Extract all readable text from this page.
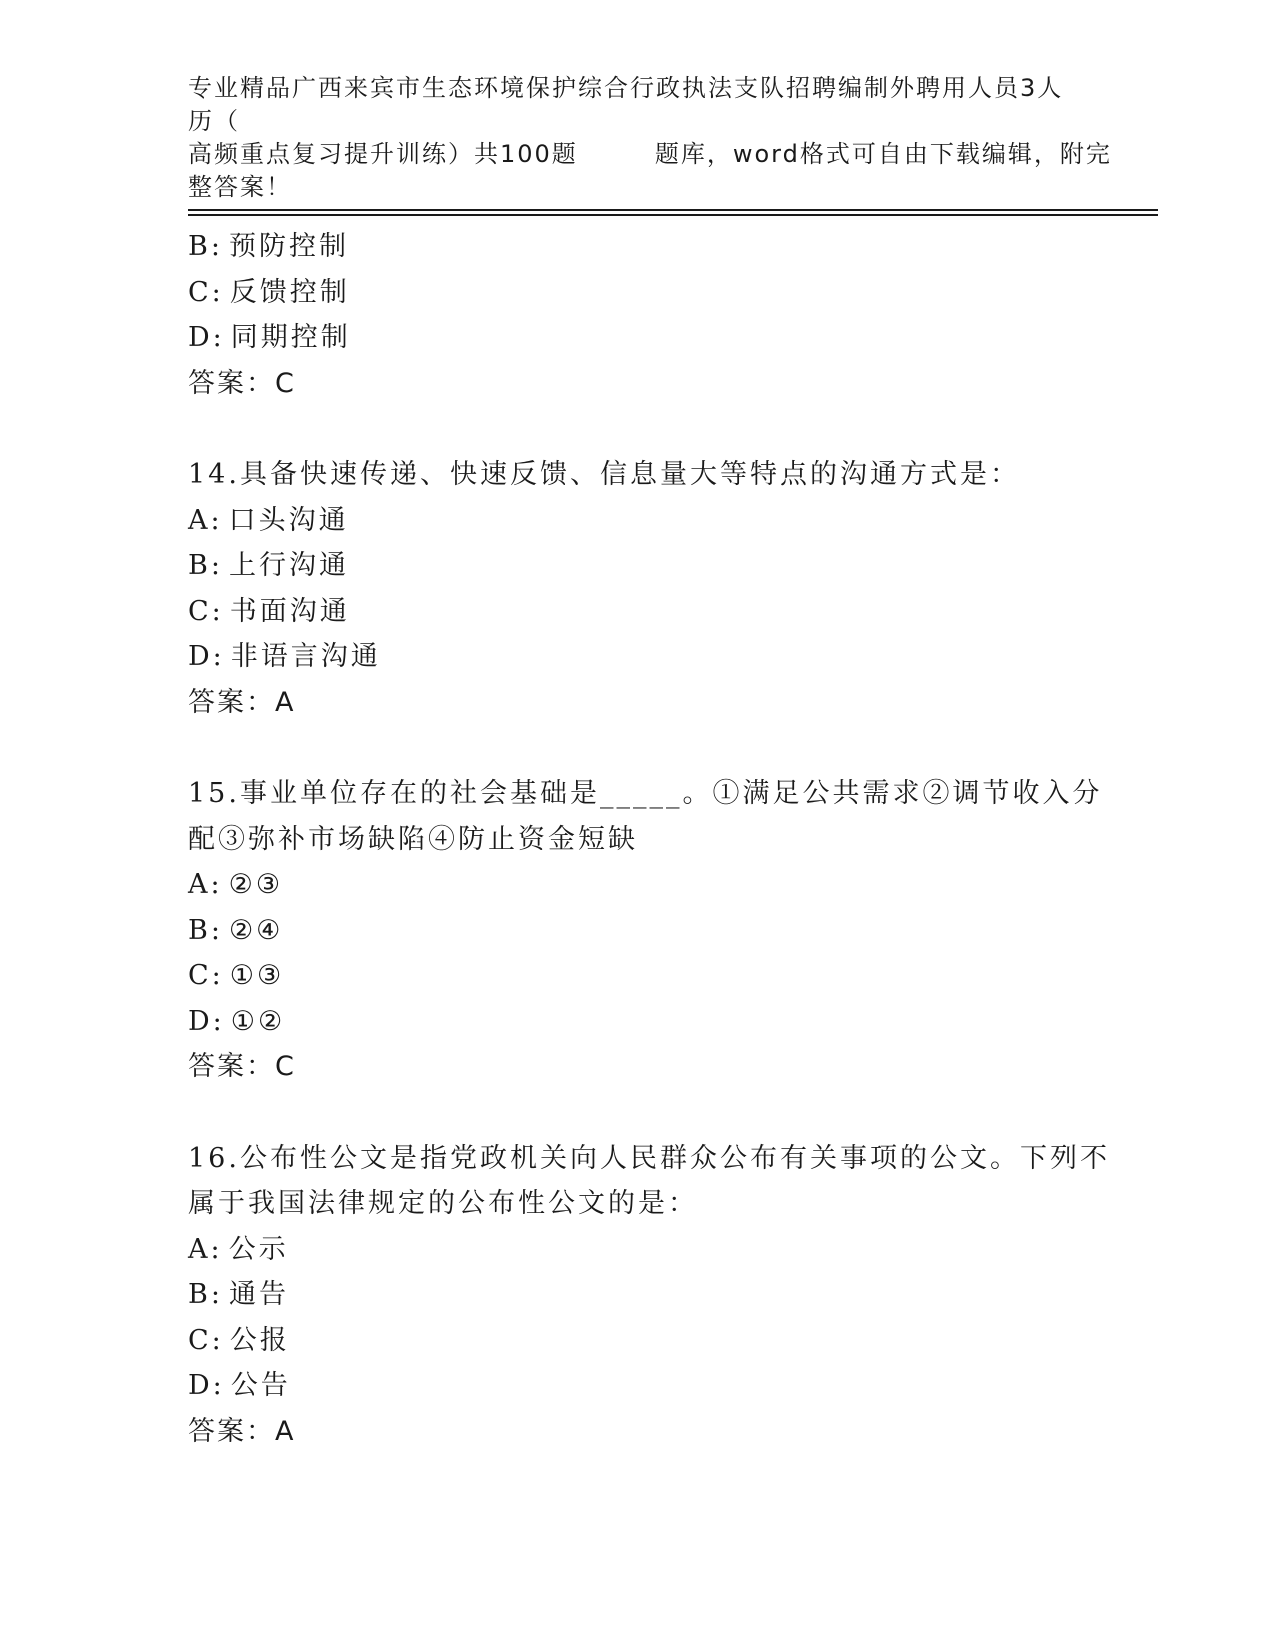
专业精品广西来宾市生态环境保护综合行政执法支队招聘编制外聘用人员3人历（
高频重点复习提升训练）共100题        题库，word格式可自由下载编辑，附完
整答案！

B: 预防控制

C: 反馈控制

D: 同期控制

答案：C

14.具备快速传递、快速反馈、信息量大等特点的沟通方式是：

A: 口头沟通

B: 上行沟通

C: 书面沟通

D: 非语言沟通

答案：A

15.事业单位存在的社会基础是_____。①满足公共需求②调节收入分

配③弥补市场缺陷④防止资金短缺

A: ②③

B: ②④

C: ①③

D: ①②

答案：C

16.公布性公文是指党政机关向人民群众公布有关事项的公文。下列不

属于我国法律规定的公布性公文的是：

A: 公示

B: 通告

C: 公报

D: 公告

答案：A
